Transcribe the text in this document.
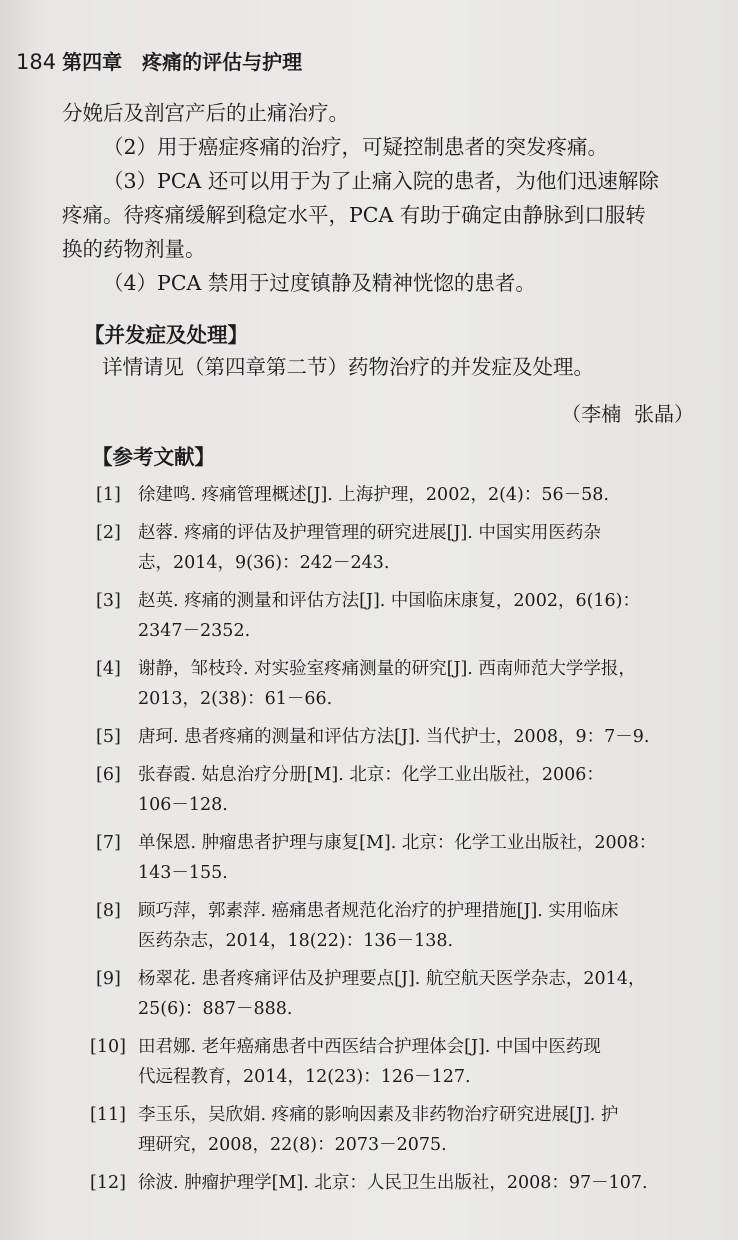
184 第四章 疼痛的评估与护理
分娩后及剖宫产后的止痛治疗。
（2）用于癌症疼痛的治疗，可疑控制患者的突发疼痛。
（3）PCA 还可以用于为了止痛入院的患者，为他们迅速解除
疼痛。待疼痛缓解到稳定水平，PCA 有助于确定由静脉到口服转
换的药物剂量。
（4）PCA 禁用于过度镇静及精神恍惚的患者。
【并发症及处理】
详情请见（第四章第二节）药物治疗的并发症及处理。
（李楠  张晶）
【参考文献】
[1] 徐建鸣. 疼痛管理概述[J]. 上海护理，2002，2(4)：56－58.
[2] 赵蓉. 疼痛的评估及护理管理的研究进展[J]. 中国实用医药杂
志，2014，9(36)：242－243.
[3] 赵英. 疼痛的测量和评估方法[J]. 中国临床康复，2002，6(16)：
2347－2352.
[4] 谢静，邹枝玲. 对实验室疼痛测量的研究[J]. 西南师范大学学报，
2013，2(38)：61－66.
[5] 唐珂. 患者疼痛的测量和评估方法[J]. 当代护士，2008，9：7－9.
[6] 张春霞. 姑息治疗分册[M]. 北京：化学工业出版社，2006：
106－128.
[7] 单保恩. 肿瘤患者护理与康复[M]. 北京：化学工业出版社，2008：
143－155.
[8] 顾巧萍，郭素萍. 癌痛患者规范化治疗的护理措施[J]. 实用临床
医药杂志，2014，18(22)：136－138.
[9] 杨翠花. 患者疼痛评估及护理要点[J]. 航空航天医学杂志，2014，
25(6)：887－888.
[10] 田君娜. 老年癌痛患者中西医结合护理体会[J]. 中国中医药现
代远程教育，2014，12(23)：126－127.
[11] 李玉乐，吴欣娟. 疼痛的影响因素及非药物治疗研究进展[J]. 护
理研究，2008，22(8)：2073－2075.
[12] 徐波. 肿瘤护理学[M]. 北京：人民卫生出版社，2008：97－107.
